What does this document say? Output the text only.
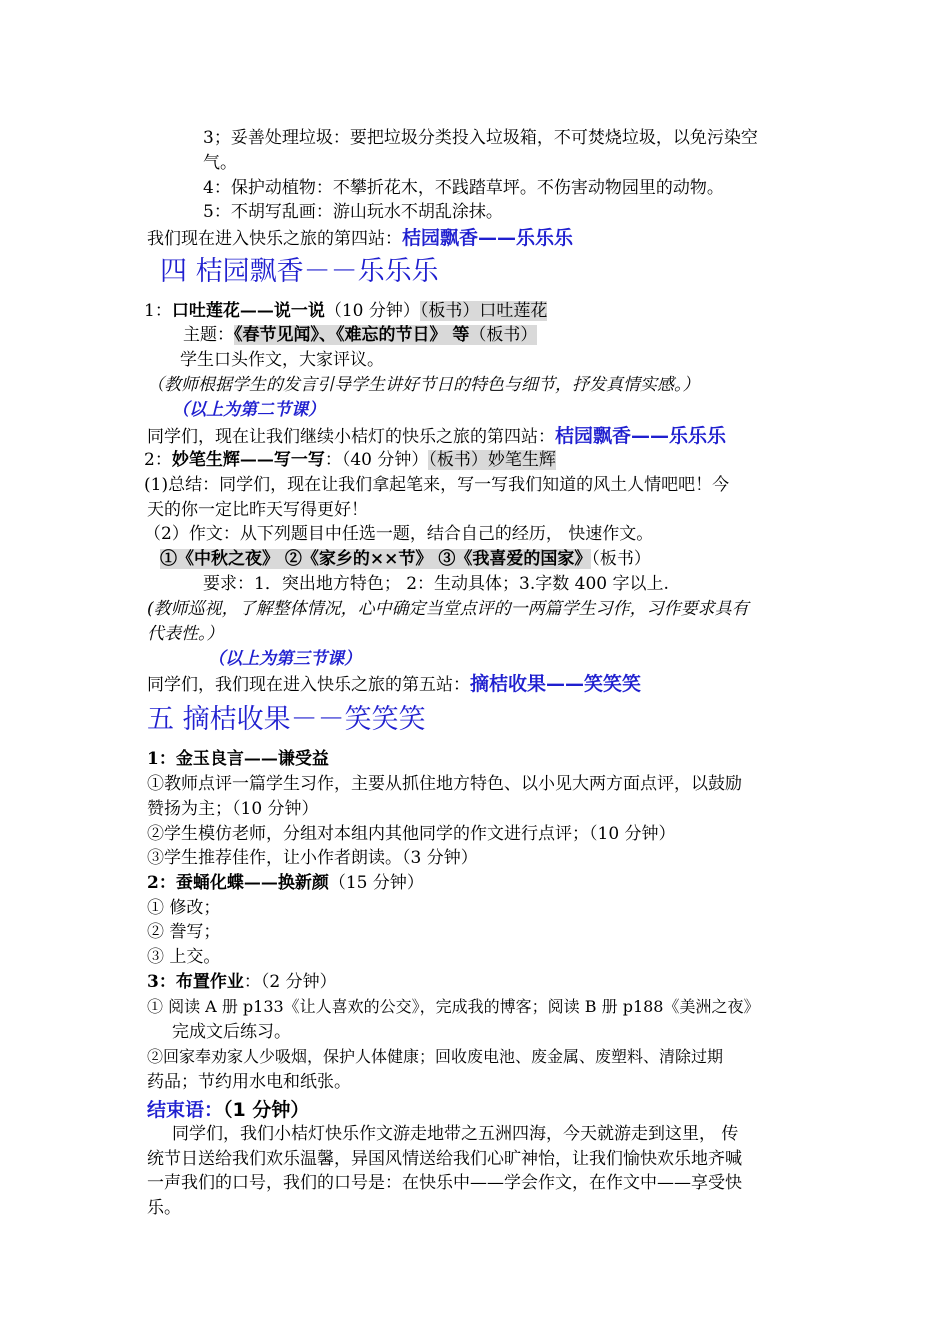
3；妥善处理垃圾：要把垃圾分类投入垃圾箱，不可焚烧垃圾，以免污染空
气。
4：保护动植物：不攀折花木，不践踏草坪。不伤害动物园里的动物。
5：不胡写乱画：游山玩水不胡乱涂抹。
我们现在进入快乐之旅的第四站：桔园飘香——乐乐乐
四 桔园飘香－－乐乐乐
1：口吐莲花——说一说（10 分钟）（板书）口吐莲花
主题：《春节见闻》、《难忘的节日》 等（板书）
学生口头作文，大家评议。
（教师根据学生的发言引导学生讲好节日的特色与细节，抒发真情实感。）
（以上为第二节课）
同学们，现在让我们继续小桔灯的快乐之旅的第四站：桔园飘香——乐乐乐
2：妙笔生辉——写一写：（40 分钟）（板书）妙笔生辉
(1)总结：同学们，现在让我们拿起笔来，写一写我们知道的风土人情吧吧！今
天的你一定比昨天写得更好！
（2）作文：从下列题目中任选一题，结合自己的经历， 快速作文。
①《中秋之夜》 ②《家乡的××节》 ③《我喜爱的国家》（板书）
要求：1．突出地方特色； 2：生动具体；3.字数 400 字以上.
(教师巡视，了解整体情况，心中确定当堂点评的一两篇学生习作，习作要求具有
代表性。）
（以上为第三节课）
同学们，我们现在进入快乐之旅的第五站：摘桔收果——笑笑笑
五 摘桔收果－－笑笑笑
1：金玉良言——谦受益
①教师点评一篇学生习作，主要从抓住地方特色、以小见大两方面点评，以鼓励
赞扬为主；（10 分钟）
②学生模仿老师，分组对本组内其他同学的作文进行点评；（10 分钟）
③学生推荐佳作，让小作者朗读。（3 分钟）
2：蚕蛹化蝶——换新颜（15 分钟）
① 修改；
② 誊写；
③ 上交。
3：布置作业：（2 分钟）
① 阅读 A 册 p133《让人喜欢的公交》，完成我的博客；阅读 B 册 p188《美洲之夜》
完成文后练习。
②回家奉劝家人少吸烟，保护人体健康；回收废电池、废金属、废塑料、清除过期
药品；节约用水电和纸张。
结束语：（1 分钟）
同学们，我们小桔灯快乐作文游走地带之五洲四海，今天就游走到这里， 传
统节日送给我们欢乐温馨，异国风情送给我们心旷神怡，让我们愉快欢乐地齐喊
一声我们的口号，我们的口号是：在快乐中——学会作文，在作文中——享受快
乐。
